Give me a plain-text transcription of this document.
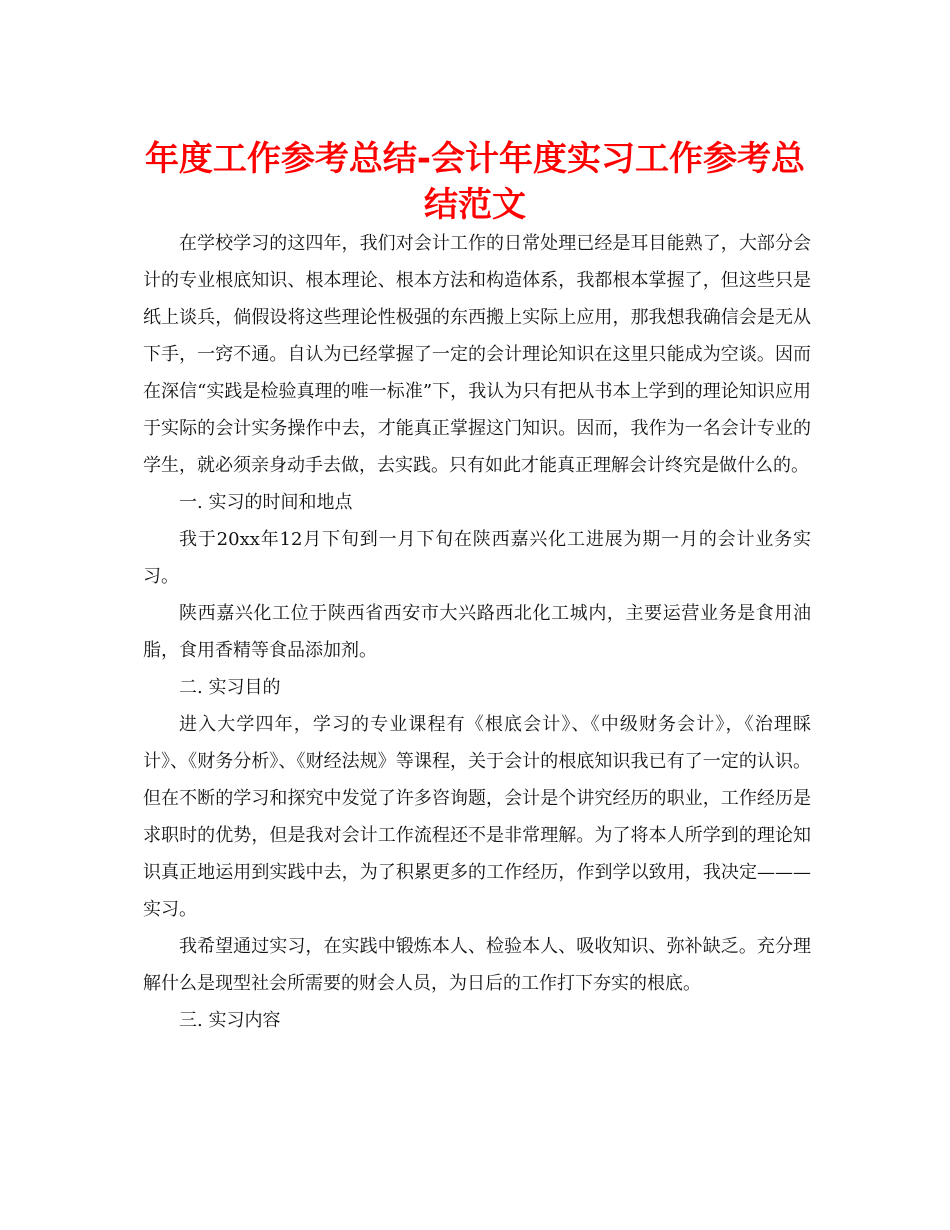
年度工作参考总结-会计年度实习工作参考总结范文

在学校学习的这四年，我们对会计工作的日常处理已经是耳目能熟了，大部分会计的专业根底知识、根本理论、根本方法和构造体系，我都根本掌握了，但这些只是纸上谈兵，倘假设将这些理论性极强的东西搬上实际上应用，那我想我确信会是无从下手，一窍不通。自认为已经掌握了一定的会计理论知识在这里只能成为空谈。因而在深信“实践是检验真理的唯一标准”下，我认为只有把从书本上学到的理论知识应用于实际的会计实务操作中去，才能真正掌握这门知识。因而，我作为一名会计专业的学生，就必须亲身动手去做，去实践。只有如此才能真正理解会计终究是做什么的。

一. 实习的时间和地点

我于20xx年12月下旬到一月下旬在陕西嘉兴化工进展为期一月的会计业务实习。

陕西嘉兴化工位于陕西省西安市大兴路西北化工城内，主要运营业务是食用油脂，食用香精等食品添加剂。

二. 实习目的

进入大学四年，学习的专业课程有《根底会计》、《中级财务会计》，《治理睬计》、《财务分析》、《财经法规》等课程，关于会计的根底知识我已有了一定的认识。但在不断的学习和探究中发觉了许多咨询题，会计是个讲究经历的职业，工作经历是求职时的优势，但是我对会计工作流程还不是非常理解。为了将本人所学到的理论知识真正地运用到实践中去，为了积累更多的工作经历，作到学以致用，我决定———实习。

我希望通过实习，在实践中锻炼本人、检验本人、吸收知识、弥补缺乏。充分理解什么是现型社会所需要的财会人员，为日后的工作打下夯实的根底。

三. 实习内容
